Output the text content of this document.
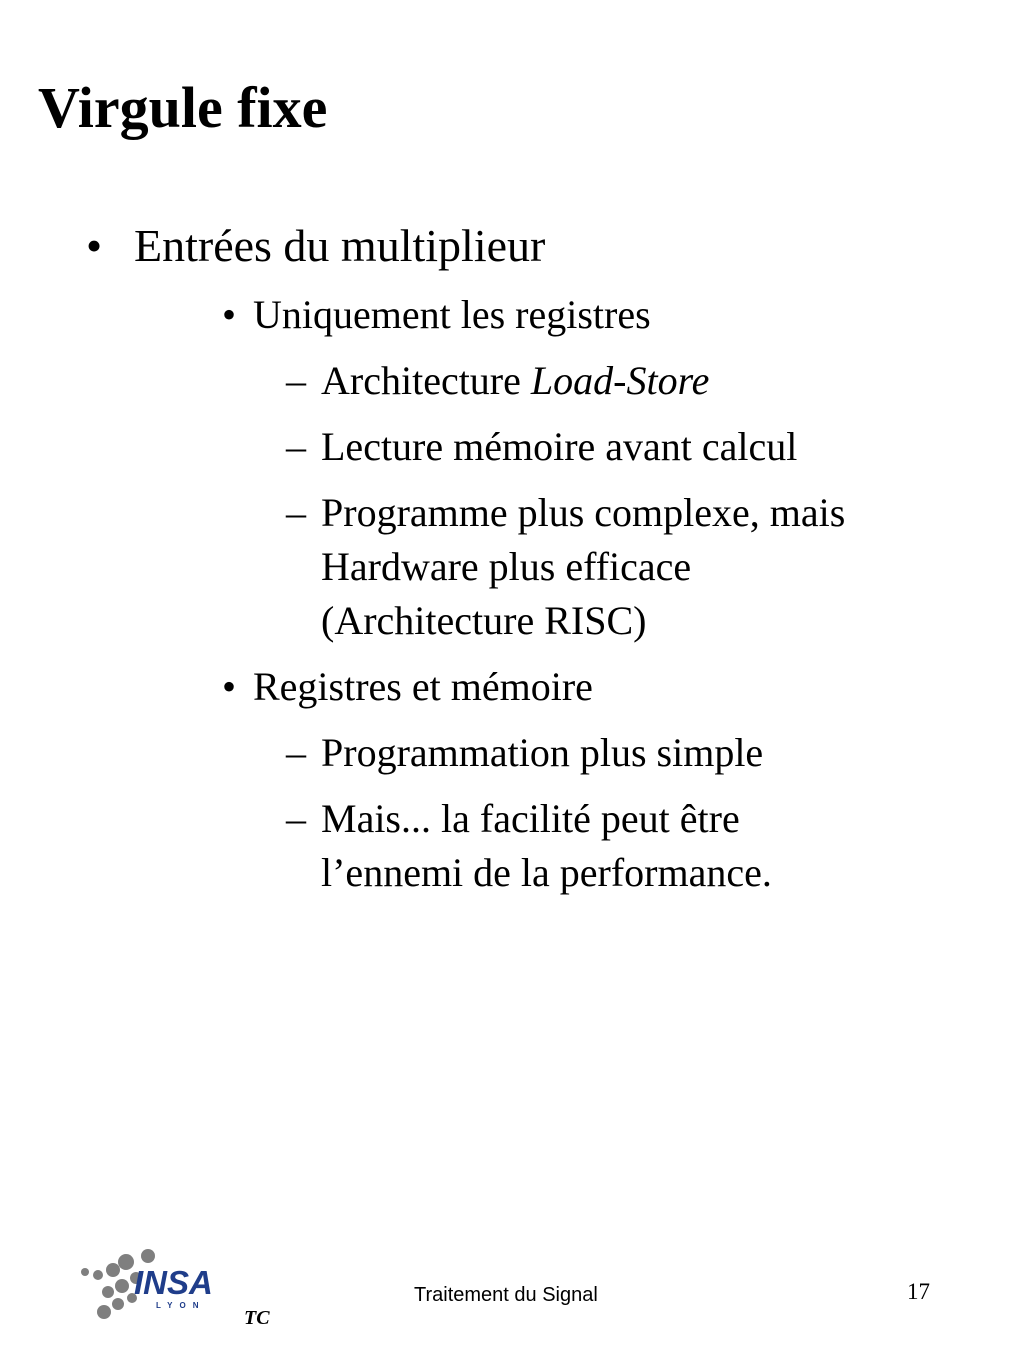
Virgule fixe
• Entrées du multiplieur
• Uniquement les registres
– Architecture Load-Store
– Lecture mémoire avant calcul
– Programme plus complexe, mais
Hardware plus efficace
(Architecture RISC)
• Registres et mémoire
– Programmation plus simple
– Mais... la facilité peut être
l’ennemi de la performance.
INSA
LYON
TC
Traitement du Signal	17
